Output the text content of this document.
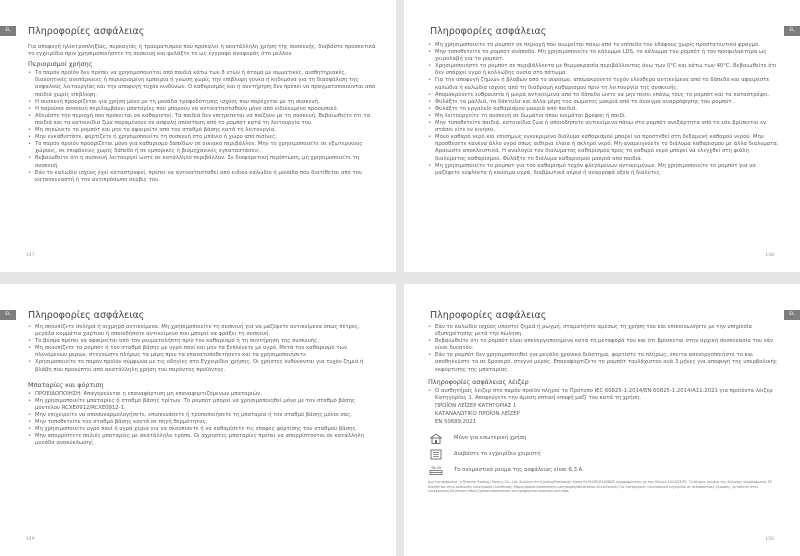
EL	Πληροφορίες ασφάλειας

Για αποφυγή ηλεκτροπληξίας, πυρκαγιάς ή τραυματισμού που προκαλεί η ακατάλληλη χρήση της συσκευής, διαβάστε προσεκτικά το εγχειρίδιο πριν χρησιμοποιήσετε τη συσκευή και φυλάξτε το ως έγγραφο αναφοράς στο μέλλον.

Περιορισμοί χρήσης
• Το παρόν προϊόν δεν πρέπει να χρησιμοποιείται από παιδιά κάτω των 8 ετών ή άτομα με σωματικές, αισθητηριακές, διανοητικές ανεπάρκειες ή περιορισμένη εμπειρία ή γνώση χωρίς την επίβλεψη γονέα ή κηδεμόνα για τη διασφάλιση της ασφαλούς λειτουργίας και την αποφυγή τυχόν κινδύνων. Ο καθαρισμός και η συντήρηση δεν πρέπει να πραγματοποιούνται από παιδιά χωρίς επίβλεψη.
• Η συσκευή προορίζεται για χρήση μόνο με τη μονάδα τροφοδότησης ισχύος που παρέχεται με τη συσκευή.
• Η παρούσα συσκευή περιλαμβάνει μπαταρίες που μπορούν να αντικατασταθούν μόνο από ειδικευμένο προσωπικό.
• Αδειάστε την περιοχή που πρόκειται να καθαριστεί. Τα παιδιά δεν επιτρέπεται να παίζουν με τη συσκευή. Βεβαιωθείτε ότι τα παιδιά και τα κατοικίδια ζώα παραμένουν σε ασφαλή απόσταση από το ρομπότ κατά τη λειτουργία του.
• Μη σηκώνετε το ρομπότ και μην το αφαιρείτε από τον σταθμό βάσης κατά τη λειτουργία.
• Μην εγκαθιστάτε, φορτίζετε ή χρησιμοποιείτε τη συσκευή στο μπάνιο ή χώρο από πισίνες.
• Το παρόν προϊόν προορίζεται μόνο για καθαρισμό δαπέδων σε οικιακό περιβάλλον. Μην το χρησιμοποιείτε σε εξωτερικούς χώρους, σε επιφάνειες χωρίς δάπεδο ή σε εμπορικές ή βιομηχανικές εγκαταστάσεις.
• Βεβαιωθείτε ότι η συσκευή λειτουργεί ωστέ σε κατάλληλο περιβάλλον. Σε διαφορετική περίπτωση, μη χρησιμοποιείτε τη συσκευή.
• Εάν το καλώδιο ισχύος έχει καταστραφεί, πρέπει να αντικατασταθεί από ειδικό καλώδιο ή μονάδα που διατίθεται από τον κατασκευαστή ή τον αντιπρόσωπο σέρβις του.
147
EL
Πληροφορίες ασφάλειας
• Μη χρησιμοποιείτε το ρομπότ σε περιοχή που αιωρείται πάνω από το επίπεδο του εδάφους χωρίς προστατευτικό φραγμό.
• Μην τοποθετείτε το ρομπότ ανάποδα. Μη χρησιμοποιείτε το κάλυμμα LDS, το κάλυμμα του ρομπότ ή τον προφυλακτήρα ως χειρολαβή για το ρομπότ.
• Χρησιμοποιήστε το ρομπότ σε περιβάλλοντα με θερμοκρασία περιβάλλοντος άνω των 0°C και κάτω των 40°C. Βεβαιωθείτε ότι δεν υπάρχει υγρό ή κολλώδης ουσία στο πάτωμα.
• Για την αποφυγή ζημιών ή βλαβών από το σύρσιμο, απομακρύνετε τυχόν ελεύθερα αντικείμενα από το δάπεδο και αφαιρέστε καλώδια ή καλώδια ισχύος από τη διαδρομή καθαρισμού πριν τη λειτουργία της συσκευής.
• Απομακρύνετε εύθραυστα ή μικρά αντικείμενα από το δάπεδο ώστε να μην πέσει επάνω τους το ρομπότ και τα καταστρέψει.
• Φυλάξτε τα μαλλιά, τα δάκτυλα και άλλα μέρη του σώματος μακριά από το άνοιγμα αναρρόφησης του ρομπότ.
• Φυλάξτε το εργαλείο καθαρισμού μακριά από παιδιά.
• Μη λειτουργείτε τη συσκευή σε δωμάτιο όπου κοιμάται βρέφος ή παιδί.
• Μην τοποθετείτε παιδιά, κατοικίδια ζώα ή οποιοδήποτε αντικείμενα πάνω στο ρομπότ ανεξάρτητα από το εάν βρίσκεται εν στάσει είτε εν κινήσει.
• Μόνο καθαρό νερό και επισήμως εγκεκριμένο διάλυμα καθαρισμού μπορεί να προστεθεί στη δεξαμενή καθαρού νερού. Μην προσθέσετε κανένα άλλο υγρό όπως αιθέρια έλαια ή σκληρό νερό. Μη αναμειγνύετε το διάλυμα καθαρισμού με άλλα διαλύματα. Αραιώστε αποκλειστικά. Η αναλογία του διαλύματος καθαρισμού προς το καθαρό νερό μπορεί να ελεγχθεί στη φιάλη διαλύματος καθαρισμού. Φυλάξτε το διάλυμα καθαρισμού μακριά από παιδιά.
• Μη χρησιμοποιείτε το ρομπότ για τον καθαρισμό τυχόν φλεγόμενων αντικειμένων. Μη χρησιμοποιείτε το ρομπότ για να μαζέψετε εύφλεκτα ή καύσιμα υγρά, διαβρωτικά αέρια ή αναρροφά οξέα ή διαλύτες.
148
EL	Πληροφορίες ασφάλειας
• Μη σκουπίζετε σκληρά ή αιχμηρά αντικείμενα. Μη χρησιμοποιείτε τη συσκευή για να μαζέψετε αντικείμενα όπως πέτρες, μεγάλα κομμάτια χαρτιού ή οποιοδήποτε αντικείμενο που μπορεί να φράξει τη συσκευή.
• Το βύσμα πρέπει να αφαιρείται από τον ρευματολήπτη πριν τον καθαρισμό ή τη συντήρηση της συσκευής.
• Μη σκουπίζετε το ρομπότ ή τον σταθμό βάσης με υγρό πανί και μην τα ξεπλένετε με υγρό. Μετά τον καθαρισμό των πλενόμενων μερών, στεγνώστε πλήρως τα μέρη πριν τα επανατοποθετήσετε και τα χρησιμοποιήσετε.
• Χρησιμοποιείτε το παρόν προϊόν σύμφωνα με τις οδηγίες στο Εγχειρίδιο χρήσης. Οι χρήστες ευθύνονται για τυχόν ζημιά ή βλάβη που προκύπτει από ακατάλληλη χρήση του παρόντος προϊόντος.
Μπαταρίες και φόρτιση
• ΠΡΟΕΙΔΟΠΟΙΗΣΗ: Απαγορεύεται η επαναφόρτιση μη επαναφορτιζόμενων μπαταριών.
• Μη χρησιμοποιείτε μπαταρίες ή σταθμό βάσης τρίτων. Το ρομπότ μπορεί να χρησιμοποιηθεί μόνο με τον σταθμό βάσης μοντέλου RCXE0912/RCXE0912-1.
• Μην επιχειρείτε να αποσυναρμολογήσετε, επισκευάσετε ή τροποποιήσετε τη μπαταρία ή τον σταθμό βάσης μόνοι σας.
• Μην τοποθετείτε τον σταθμό βάσης κοντά σε πηγή θερμότητας.
• Μη χρησιμοποιείτε υγρό πανί ή υγρά χέρια για να σκουπίσετε ή να καθαρίσετε τις επαφές φόρτισης του σταθμού βάσης.
• Μην απορρίπτετε παλιές μπαταρίες με ακατάλληλο τρόπο. Οι άχρηστες μπαταρίες πρέπει να απορρίπτονται σε κατάλληλη μονάδα ανακύκλωσης.
149
EL
Πληροφορίες ασφάλειας
• Εάν το καλώδιο ισχύος υποστεί ζημιά ή ρωγμή, σταματήστε αμέσως τη χρήση του και επικοινωνήστε με την υπηρεσία εξυπηρέτησης μετά την πώληση.
• Βεβαιωθείτε ότι το ρομπότ είναι απενεργοποιημένο κατά τη μεταφορά του και ότι βρίσκεται στην αρχική συσκευασία του εάν είναι δυνατόν.
• Εάν το ρομπότ δεν χρησιμοποιηθεί για μεγάλο χρονικό διάστημα, φορτίστε το πλήρως, έπειτα απενεργοποιήστε το και αποθηκεύστε το σε δροσερό, στεγνό μέρος. Επαναφορτίζετε το ρομπότ τουλάχιστον ανά 3 μήνες για αποφυγή της υπερβολικής εκφόρτισης της μπαταρίας.
Πληροφορίες ασφάλειας λέιζερ
• Ο αισθητήρας λέιζερ στο παρόν προϊόν πληροί το Πρότυπο IEC 60825-1:2014/EN 60825-1:2014/A11:2021 για προϊόντα λέιζερ Κατηγορίας 1. Αποφεύγετε την άμεση οπτική επαφή μαζί του κατά τη χρήση.
ΠΡΟΪΟΝ ΛΕΪΖΕΡ ΚΑΤΗΓΟΡΙΑΣ 1
ΚΑΤΑΝΑΛΩΤΙΚΟ ΠΡΟΪΟΝ ΛΕΪΖΕΡ
EN 50689:2021
Μόνο για εσωτερική χρήση
Διαβάστε το εγχειρίδιο χειριστή
T6.3A Το ονομαστικό ρεύμα της ασφάλειας είναι 6,3 A.
Δια του παρόντος, η Dreame Trading (Tianjin) Co., Ltd. δηλώνει ότι ο ραδιοεξοπλισμός τύπου RLP42DE/RLX98DE συμμορφώνεται με την Οδηγία 2014/53/ΕΕ. Το πλήρες κείμενο της δήλωσης συμμόρφωσης ΕΕ διατίθεται στην ακόλουθη ηλεκτρονική διεύθυνση: https://global.dreametech.com/pages/declaration-of-conformity Για λεπτομερείς ηλεκτρονικό εγχειρίδιο σε περισσότερες γλώσσες, μεταβείτε στην ηλεκτρονική διεύθυνση https://global.dreametech.com/pages/user-manuals-and-faqs
150
